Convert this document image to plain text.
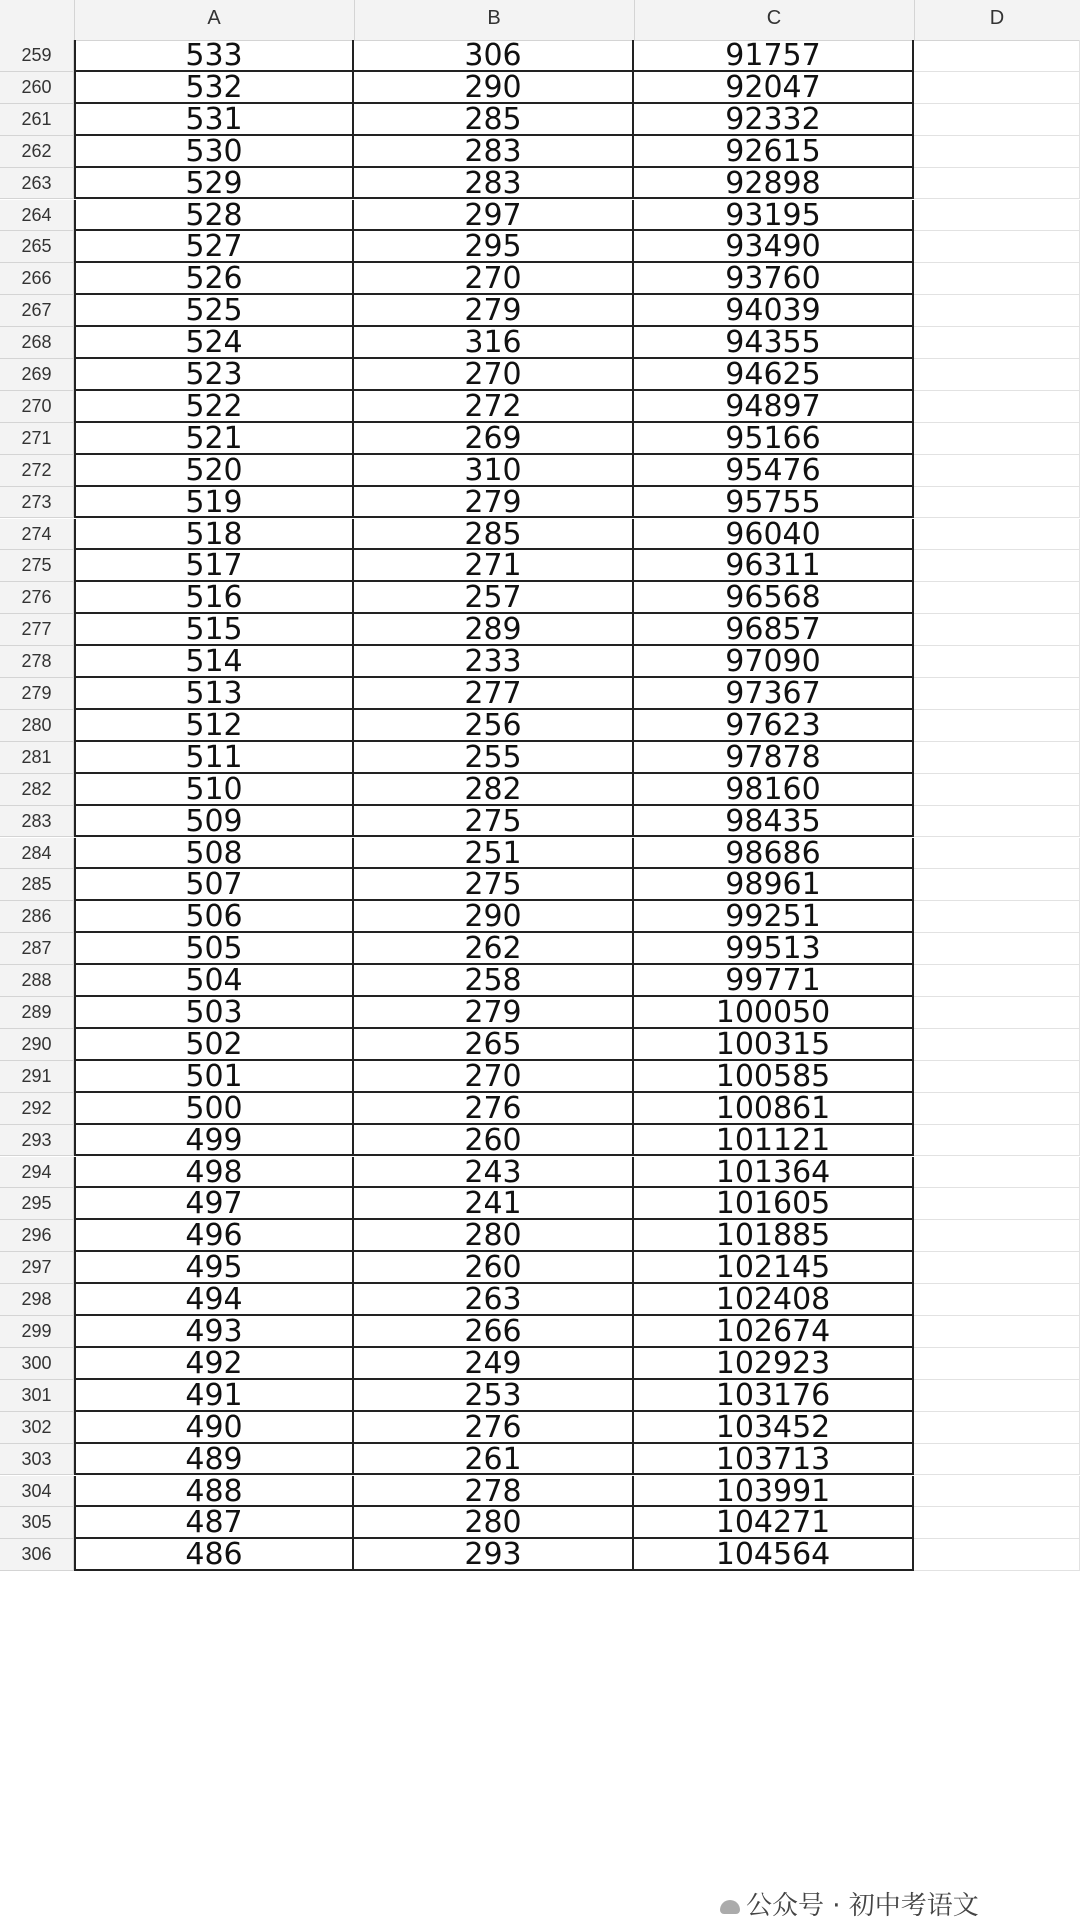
A	B	C	D
259	533	306	91757
260	532	290	92047
261	531	285	92332
262	530	283	92615
263	529	283	92898
264	528	297	93195
265	527	295	93490
266	526	270	93760
267	525	279	94039
268	524	316	94355
269	523	270	94625
270	522	272	94897
271	521	269	95166
272	520	310	95476
273	519	279	95755
274	518	285	96040
275	517	271	96311
276	516	257	96568
277	515	289	96857
278	514	233	97090
279	513	277	97367
280	512	256	97623
281	511	255	97878
282	510	282	98160
283	509	275	98435
284	508	251	98686
285	507	275	98961
286	506	290	99251
287	505	262	99513
288	504	258	99771
289	503	279	100050
290	502	265	100315
291	501	270	100585
292	500	276	100861
293	499	260	101121
294	498	243	101364
295	497	241	101605
296	496	280	101885
297	495	260	102145
298	494	263	102408
299	493	266	102674
300	492	249	102923
301	491	253	103176
302	490	276	103452
303	489	261	103713
304	488	278	103991
305	487	280	104271
306	486	293	104564
公众号 · 初中考语文
